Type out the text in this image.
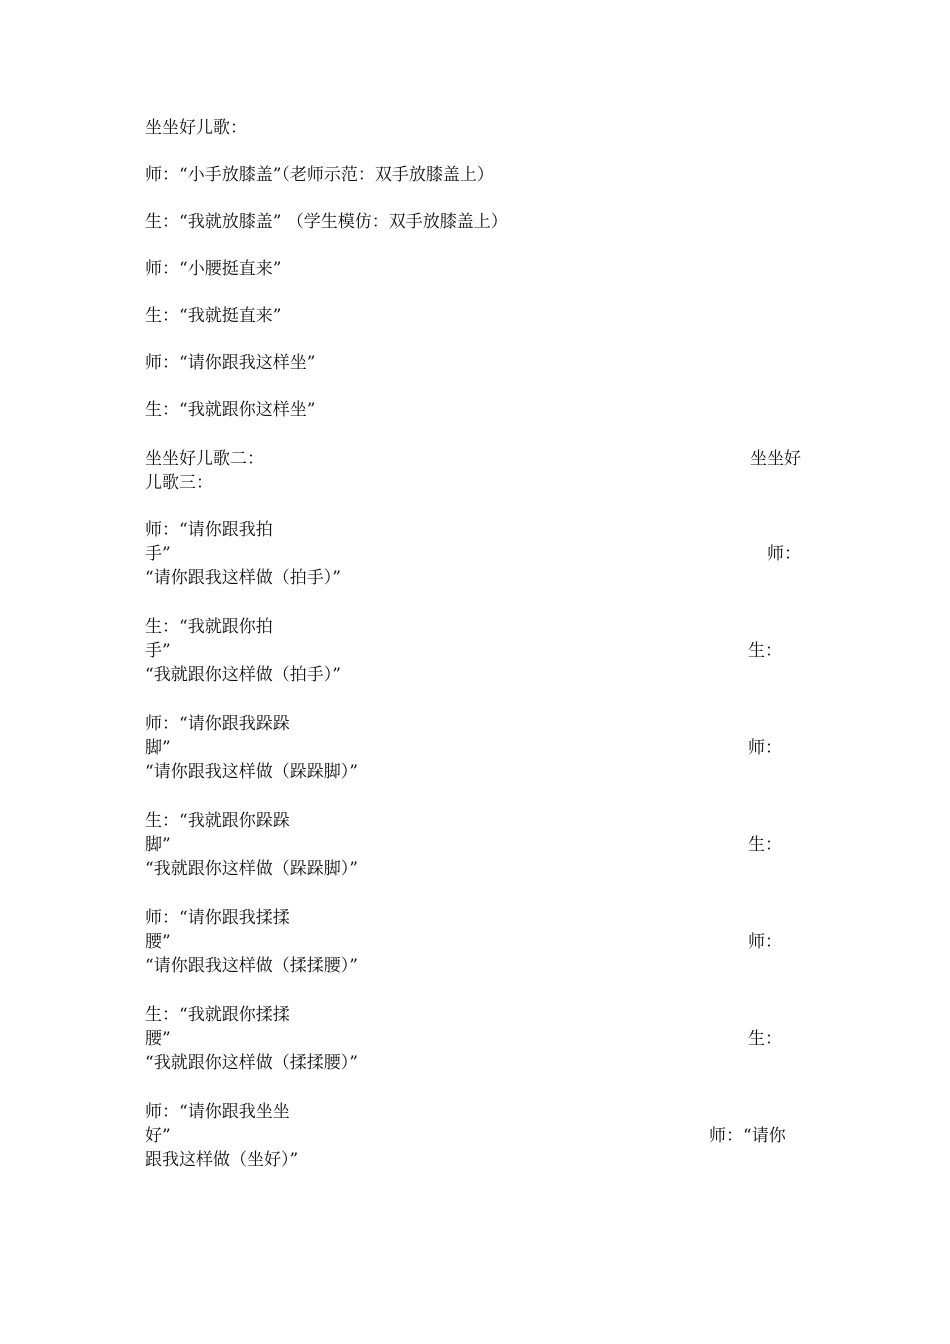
坐坐好儿歌：
师：“小手放膝盖”（老师示范：双手放膝盖上）
生：“我就放膝盖” （学生模仿：双手放膝盖上）
师：“小腰挺直来”
生：“我就挺直来”
师：“请你跟我这样坐”
生：“我就跟你这样坐”
坐坐好儿歌二：	坐坐好
儿歌三：
师：“请你跟我拍
手”	师：
“请你跟我这样做（拍手）”
生：“我就跟你拍
手”	生：
“我就跟你这样做（拍手）”
师：“请你跟我跺跺
脚”	师：
“请你跟我这样做（跺跺脚）”
生：“我就跟你跺跺
脚”	生：
“我就跟你这样做（跺跺脚）”
师：“请你跟我揉揉
腰”	师：
“请你跟我这样做（揉揉腰）”
生：“我就跟你揉揉
腰”	生：
“我就跟你这样做（揉揉腰）”
师：“请你跟我坐坐
好”	师：“请你
跟我这样做（坐好）”
